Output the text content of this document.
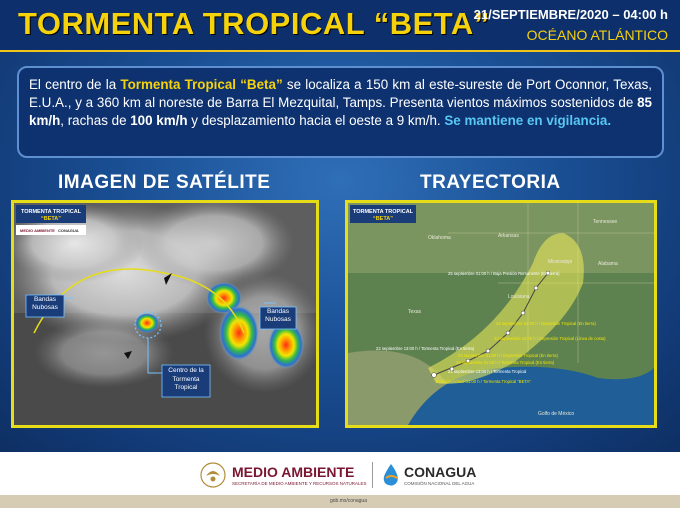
TORMENTA TROPICAL “BETA”
21/SEPTIEMBRE/2020 – 04:00 h
OCÉANO ATLÁNTICO

El centro de la Tormenta Tropical “Beta” se localiza a 150 km al este-sureste de Port Oconnor, Texas, E.U.A., y a 360 km al noreste de Barra El Mezquital, Tamps. Presenta vientos máximos sostenidos de 85 km/h, rachas de 100 km/h y desplazamiento hacia el oeste a 9 km/h. Se mantiene en vigilancia.

IMAGEN DE SATÉLITE	TRAYECTORIA
TORMENTA TROPICAL
“BETA”
MEDIO AMBIENTE CONAGUA
Bandas Nubosas
Bandas Nubosas
Centro de la Tormenta Tropical
TORMENTA TROPICAL
“BETA”
Oklahoma	Arkansas
Tennessee
Mississippi	Alabama
Texas
Louisiana
Golfo de México
25 septiembre 01:00 h / Baja Presión Remanente (En tierra)
24 septiembre 01:00 h / Depresión Tropical (En tierra)
23 septiembre 13:00 h / Depresión Tropical (Línea de costa)
22 septiembre 13:00 h / Tormenta Tropical (En tierra)
23 septiembre 01:00 h / Depresión Tropical (En tierra)
22 septiembre 01:00 h / Tormenta Tropical (En tierra)
21 septiembre 13:00 h / Tormenta Tropical
Posición Actual 04:00 h / Tormenta Tropical “BETA”
MEDIO AMBIENTE
SECRETARÍA DE MEDIO AMBIENTE Y RECURSOS NATURALES
CONAGUA
COMISIÓN NACIONAL DEL AGUA
gob.mx/conagua
